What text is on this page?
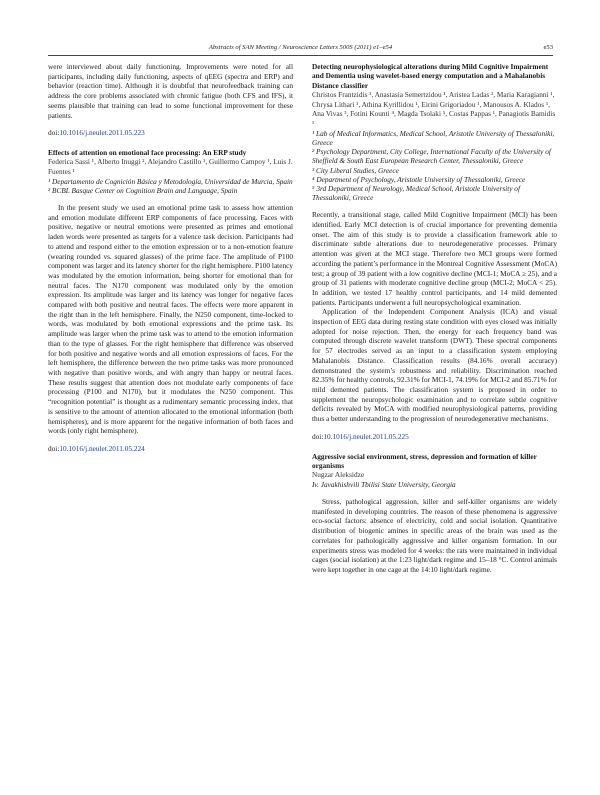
Abstracts of SAN Meeting / Neuroscience Letters 500S (2011) e1–e54	e53

were interviewed about daily functioning. Improvements were noted for all participants, including daily functioning, aspects of qEEG (spectra and ERP) and behavior (reaction time). Although it is doubtful that neurofeedback training can address the core problems associated with chronic fatigue (both CFS and IFS), it seems plausible that training can lead to some functional improvement for these patients.

doi:10.1016/j.neulet.2011.05.223
Effects of attention on emotional face processing: An ERP study
Federica Sassi ¹, Alberto Inuggi ², Alejandro Castillo ¹, Guillermo Campoy ¹, Luis J. Fuentes ¹
¹ Departamento de Cognición Básica y Metodología, Universidad de Murcia, Spain
² BCBL Basque Center on Cognition Brain and Language, Spain

In the present study we used an emotional prime task to assess how attention and emotion modulate different ERP components of face processing. Faces with positive, negative or neutral emotions were presented as primes and emotional laden words were presented as targets for a valence task decision. Participants had to attend and respond either to the emotion expression or to a non-emotion feature (wearing rounded vs. squared glasses) of the prime face. The amplitude of P100 component was larger and its latency shorter for the right hemisphere. P100 latency was modulated by the emotion information, being shorter for emotional than for neutral faces. The N170 component was modulated only by the emotion expression. Its amplitude was larger and its latency was longer for negative faces compared with both positive and neutral faces. The effects were more apparent in the right than in the left hemisphere. Finally, the N250 component, time-locked to words, was modulated by both emotional expressions and the prime task. Its amplitude was larger when the prime task was to attend to the emotion information than to the type of glasses. For the right hemisphere that difference was observed for both positive and negative words and all emotion expressions of faces. For the left hemisphere, the difference between the two prime tasks was more pronounced with negative than positive words, and with angry than happy or neutral faces. These results suggest that attention does not modulate early components of face processing (P100 and N170), but it modulates the N250 component. This “recognition potential” is thought as a rudimentary semantic processing index, that is sensitive to the amount of attention allocated to the emotional information (both hemispheres), and is more apparent for the negative information of both faces and words (only right hemisphere).

doi:10.1016/j.neulet.2011.05.224
Detecting neurophysiological alterations during Mild Cognitive Impairment and Dementia using wavelet-based energy computation and a Mahalanobis Distance classifier
Christos Frantzidis ¹, Anastasia Semertzidou ¹, Aristea Ladas ², Maria Karagianni ¹, Chrysa Lithari ¹, Athina Kyrillidou ¹, Eirini Grigoriadou ¹, Manousos A. Klados ¹, Ana Vivas ³, Fotini Kounti ⁴, Magda Tsolaki ⁵, Costas Pappas ¹, Panagiotis Bamidis ¹
¹ Lab of Medical Informatics, Medical School, Aristotle University of Thessaloniki, Greece
² Psychology Department, City College, International Faculty of the University of Sheffield & South East European Research Center, Thessaloniki, Greece
³ City Liberal Studies, Greece
⁴ Department of Psychology, Aristotle University of Thessaloniki, Greece
⁵ 3rd Department of Neurology, Medical School, Aristotle University of Thessaloniki, Greece

Recently, a transitional stage, called Mild Cognitive Impairment (MCI) has been identified. Early MCI detection is of crucial importance for preventing dementia onset. The aim of this study is to provide a classification framework able to discriminate subtle alterations due to neurodegenerative processes. Primary attention was given at the MCI stage. Therefore two MCI groups were formed according the patient’s performance in the Montreal Cognitive Assessment (MoCA) test; a group of 39 patient with a low cognitive decline (MCI-1; MoCA ≥ 25), and a group of 31 patients with moderate cognitive decline group (MCI-2; MoCA < 25). In addition, we tested 17 healthy control participants, and 14 mild demented patients. Participants underwent a full neuropsychological examination.

Application of the Independent Component Analysis (ICA) and visual inspection of EEG data during resting state condition with eyes closed was initially adopted for noise rejection. Then, the energy for each frequency band was computed through discrete wavelet transform (DWT). These spectral components for 57 electrodes served as an input to a classification system employing Mahalanobis Distance. Classification results (84.16% overall accuracy) demonstrated the system’s robustness and reliability. Discrimination reached 82.35% for healthy controls, 92.31% for MCI-1, 74.19% for MCI-2 and 85.71% for mild demented patients. The classification system is proposed in order to supplement the neuropsychologic examination and to correlate subtle cognitive deficits revealed by MoCA with modified neurophysiological patterns, providing thus a better understanding to the progression of neurodegenerative mechanisms.

doi:10.1016/j.neulet.2011.05.225
Aggressive social environment, stress, depression and formation of killer organisms
Nugzar Aleksidze
Iv. Javakhishvili Tbilisi State University, Georgia

Stress, pathological aggression, killer and self-killer organisms are widely manifested in developing countries. The reason of these phenomena is aggressive eco-social factors: absence of electricity, cold and social isolation. Quantitative distribution of biogenic amines in specific areas of the brain was used as the correlates for pathologically aggressive and killer organism formation. In our experiments stress was modeled for 4 weeks: the rats were maintained in individual cages (social isolation) at the 1:23 light/dark regime and 15–18 °C. Control animals were kept together in one cage at the 14:10 light/dark regime.
